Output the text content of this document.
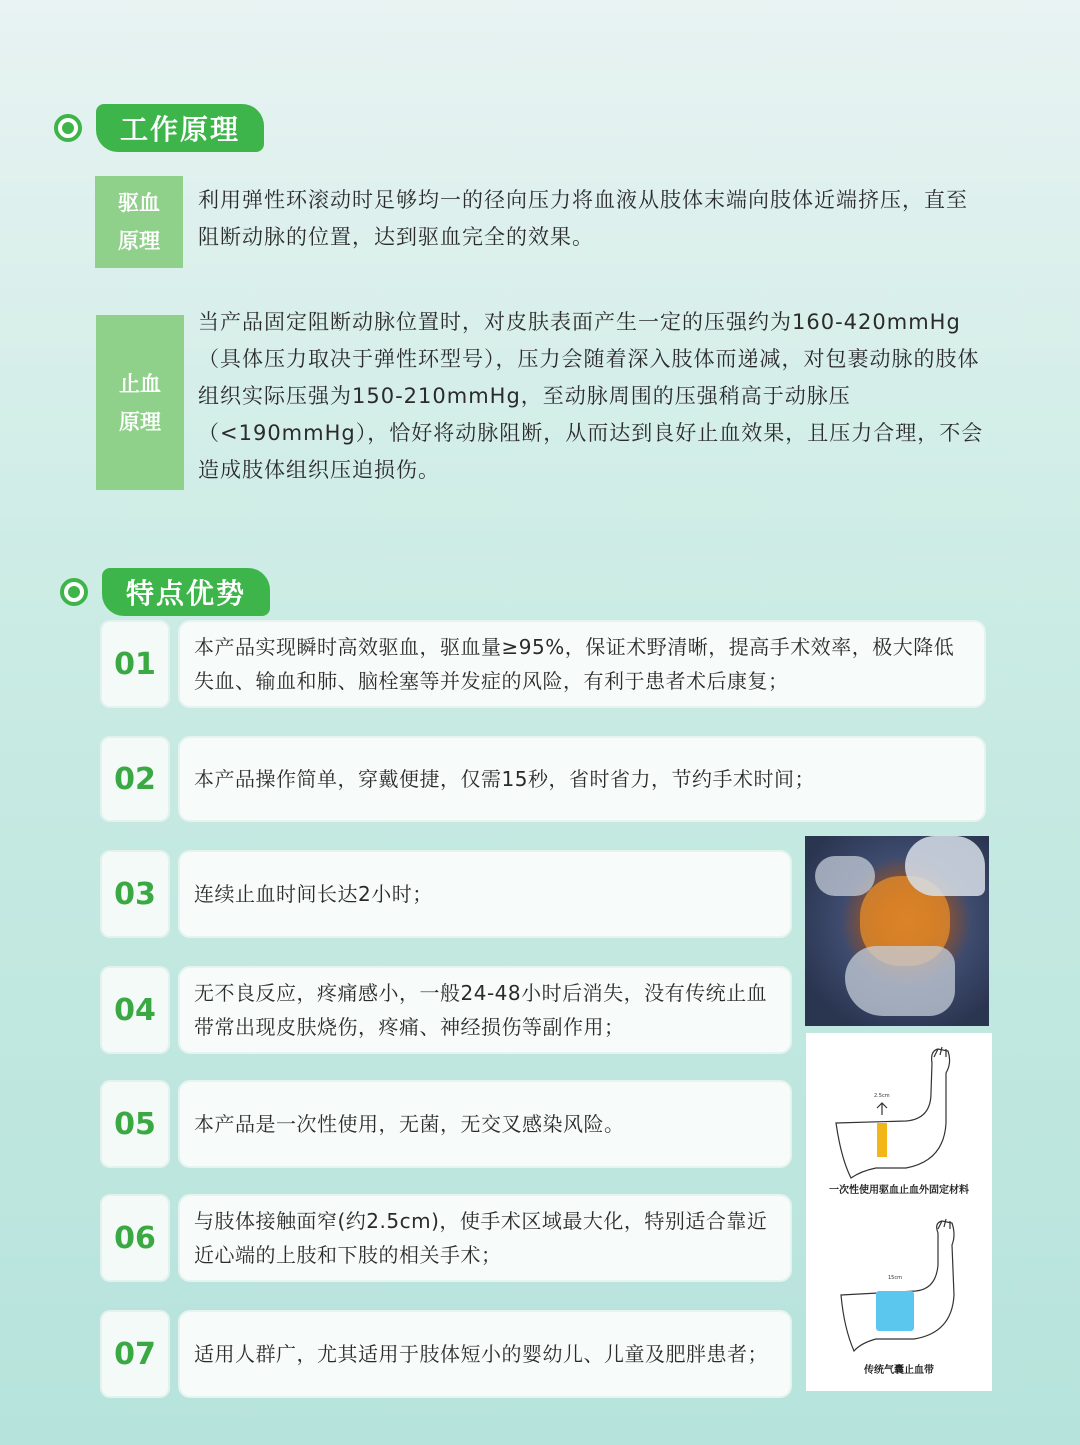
工作原理
驱血
原理
利用弹性环滚动时足够均一的径向压力将血液从肢体末端向肢体近端挤压，直至阻断动脉的位置，达到驱血完全的效果。
止血
原理
当产品固定阻断动脉位置时，对皮肤表面产生一定的压强约为160-420mmHg（具体压力取决于弹性环型号），压力会随着深入肢体而递减，对包裹动脉的肢体组织实际压强为150-210mmHg，至动脉周围的压强稍高于动脉压（<190mmHg），恰好将动脉阻断，从而达到良好止血效果，且压力合理，不会造成肢体组织压迫损伤。
特点优势
01	本产品实现瞬时高效驱血，驱血量≥95%，保证术野清晰，提高手术效率，极大降低失血、输血和肺、脑栓塞等并发症的风险，有利于患者术后康复；
02	本产品操作简单，穿戴便捷，仅需15秒，省时省力，节约手术时间；
03	连续止血时间长达2小时；
04	无不良反应，疼痛感小，一般24-48小时后消失，没有传统止血带常出现皮肤烧伤，疼痛、神经损伤等副作用；
05	本产品是一次性使用，无菌，无交叉感染风险。
06	与肢体接触面窄(约2.5cm)，使手术区域最大化，特别适合靠近近心端的上肢和下肢的相关手术；
07	适用人群广，尤其适用于肢体短小的婴幼儿、儿童及肥胖患者；
2.5cm
15cm
一次性使用驱血止血外固定材料
传统气囊止血带
